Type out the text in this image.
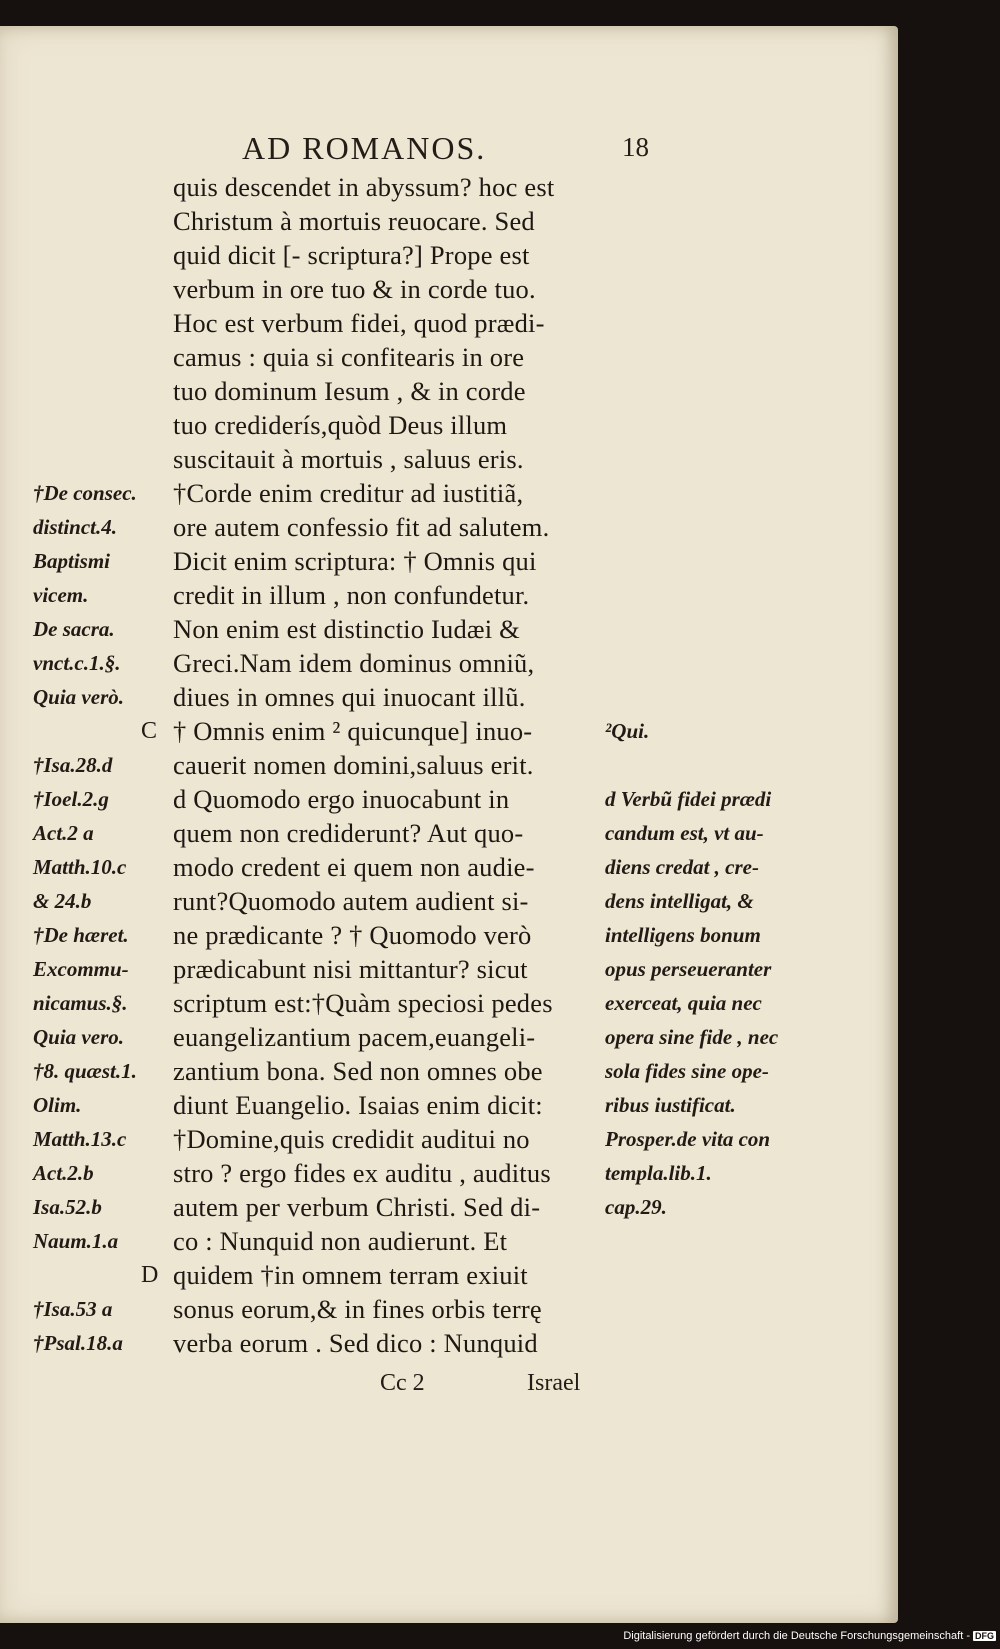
AD ROMANOS.	18
quis descendet in abyssum? hoc est
Christum à mortuis reuocare. Sed
quid dicit [- scriptura?] Prope est
verbum in ore tuo & in corde tuo.
Hoc est verbum fidei, quod prædi-
camus : quia si confitearis in ore
tuo dominum Iesum , & in corde
tuo crediderís,quòd Deus illum
suscitauit à mortuis , saluus eris.
†Corde enim creditur ad iustitiã,
ore autem confessio fit ad salutem.
Dicit enim scriptura: † Omnis qui
credit in illum , non confundetur.
Non enim est distinctio Iudæi &
Greci.Nam idem dominus omniũ,
diues in omnes qui inuocant illũ.
† Omnis enim ² quicunque] inuo-
cauerit nomen domini,saluus erit.
d Quomodo ergo inuocabunt in
quem non crediderunt? Aut quo-
modo credent ei quem non audie-
runt?Quomodo autem audient si-
ne prædicante ? † Quomodo verò
prædicabunt nisi mittantur? sicut
scriptum est:†Quàm speciosi pedes
euangelizantium pacem,euangeli-
zantium bona. Sed non omnes obe
diunt Euangelio. Isaias enim dicit:
†Domine,quis credidit auditui no
stro ? ergo fides ex auditu , auditus
autem per verbum Christi. Sed di-
co : Nunquid non audierunt. Et
quidem †in omnem terram exiuit
sonus eorum,& in fines orbis terrę
verba eorum . Sed dico : Nunquid
†De consec.
distinct.4.
Baptismi
vicem.
De sacra.
vnct.c.1.§.
Quia verò.
C
†Isa.28.d
†Ioel.2.g
Act.2 a
Matth.10.c
& 24.b
†De hæret.
Excommu-
nicamus.§.
Quia vero.
†8. quæst.1.
Olim.
Matth.13.c
Act.2.b
Isa.52.b
Naum.1.a
D
†Isa.53 a
†Psal.18.a
²Qui.
d Verbũ fidei prædi
candum est, vt au-
diens credat , cre-
dens intelligat, &
intelligens bonum
opus perseueranter
exerceat, quia nec
opera sine fide , nec
sola fides sine ope-
ribus iustificat.
Prosper.de vita con
templa.lib.1.
cap.29.
Cc 2	Israel
Digitalisierung gefördert durch die Deutsche Forschungsgemeinschaft - DFG
